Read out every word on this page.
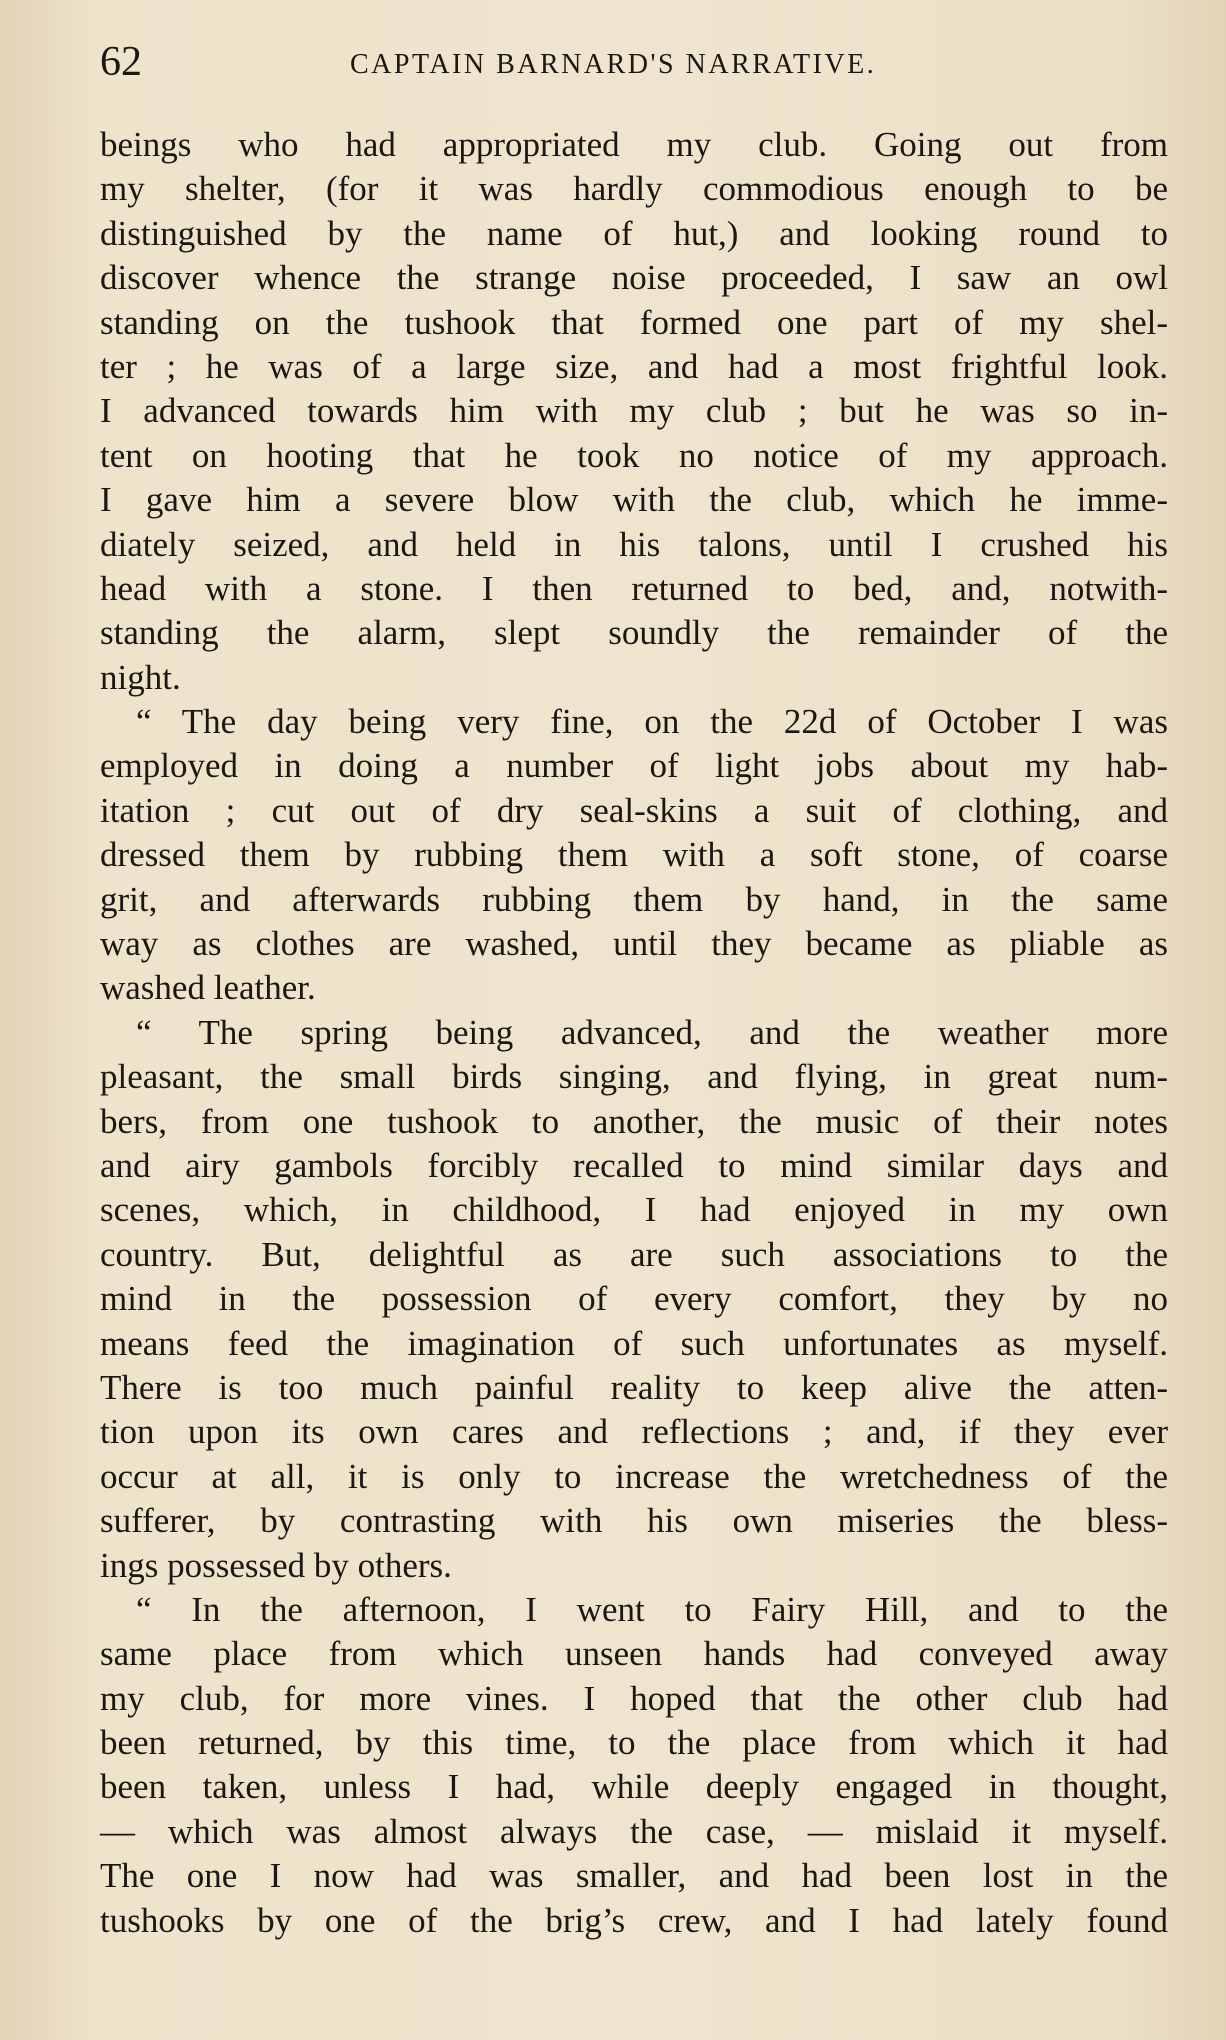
62	CAPTAIN BARNARD'S NARRATIVE.
beings who had appropriated my club. Going out from
my shelter, (for it was hardly commodious enough to be
distinguished by the name of hut,) and looking round to
discover whence the strange noise proceeded, I saw an owl
standing on the tushook that formed one part of my shel-
ter ; he was of a large size, and had a most frightful look.
I advanced towards him with my club ; but he was so in-
tent on hooting that he took no notice of my approach.
I gave him a severe blow with the club, which he imme-
diately seized, and held in his talons, until I crushed his
head with a stone. I then returned to bed, and, notwith-
standing the alarm, slept soundly the remainder of the
night.
“ The day being very fine, on the 22d of October I was
employed in doing a number of light jobs about my hab-
itation ; cut out of dry seal-skins a suit of clothing, and
dressed them by rubbing them with a soft stone, of coarse
grit, and afterwards rubbing them by hand, in the same
way as clothes are washed, until they became as pliable as
washed leather.
“ The spring being advanced, and the weather more
pleasant, the small birds singing, and flying, in great num-
bers, from one tushook to another, the music of their notes
and airy gambols forcibly recalled to mind similar days and
scenes, which, in childhood, I had enjoyed in my own
country. But, delightful as are such associations to the
mind in the possession of every comfort, they by no
means feed the imagination of such unfortunates as myself.
There is too much painful reality to keep alive the atten-
tion upon its own cares and reflections ; and, if they ever
occur at all, it is only to increase the wretchedness of the
sufferer, by contrasting with his own miseries the bless-
ings possessed by others.
“ In the afternoon, I went to Fairy Hill, and to the
same place from which unseen hands had conveyed away
my club, for more vines. I hoped that the other club had
been returned, by this time, to the place from which it had
been taken, unless I had, while deeply engaged in thought,
— which was almost always the case, — mislaid it myself.
The one I now had was smaller, and had been lost in the
tushooks by one of the brig’s crew, and I had lately found
